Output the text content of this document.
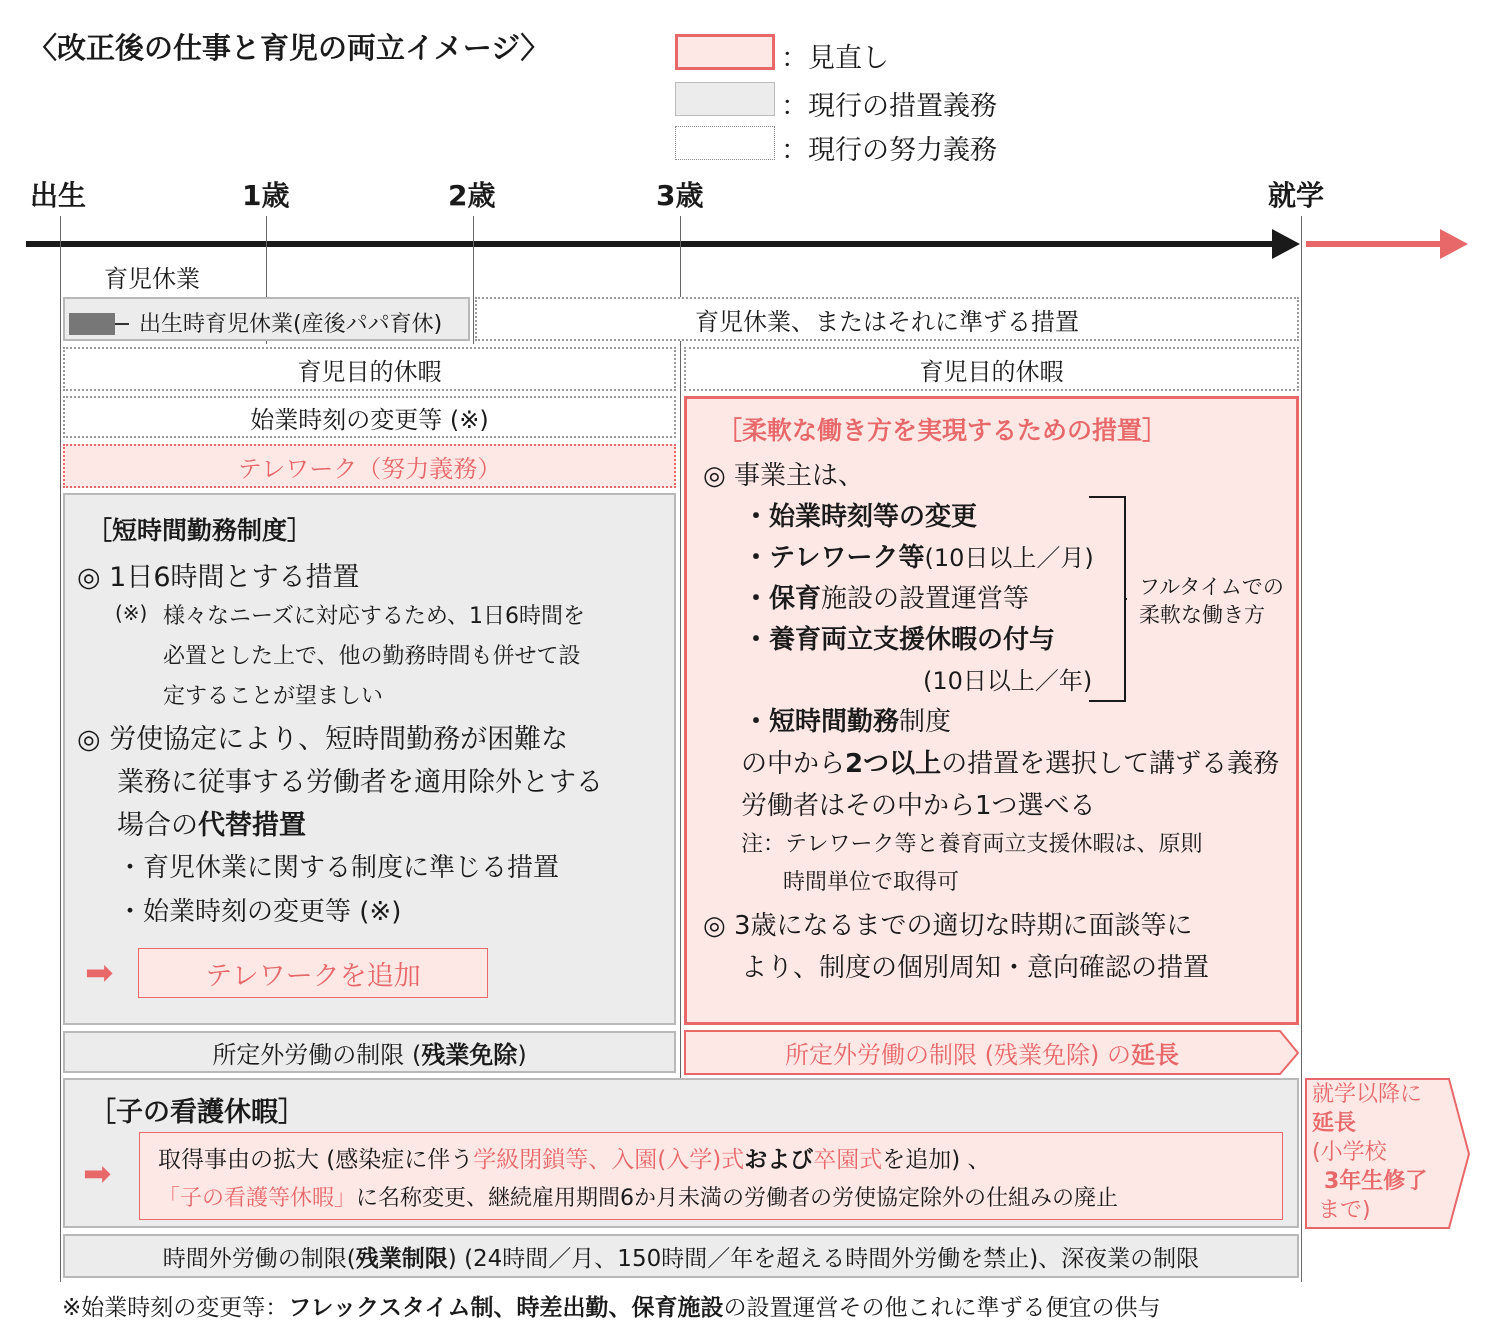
〈改正後の仕事と育児の両立イメージ〉	：見直し
：現行の措置義務
：現行の努力義務
出生	1歳	2歳	3歳	就学
育児休業
出生時育児休業(産後パパ育休)	育児休業、またはそれに準ずる措置
育児目的休暇	育児目的休暇
始業時刻の変更等 (※)
テレワーク（努力義務）
［短時間勤務制度］
◎ 1日6時間とする措置
(※) 様々なニーズに対応するため、1日6時間を
必置とした上で、他の勤務時間も併せて設
定することが望ましい
◎ 労使協定により、短時間勤務が困難な
業務に従事する労働者を適用除外とする
場合の代替措置
・育児休業に関する制度に準じる措置
・始業時刻の変更等 (※)
➡	テレワークを追加
［柔軟な働き方を実現するための措置］
◎ 事業主は、
・始業時刻等の変更
・テレワーク等(10日以上／月)
・保育施設の設置運営等
・養育両立支援休暇の付与
(10日以上／年)
フルタイムでの
柔軟な働き方
・短時間勤務制度
の中から2つ以上の措置を選択して講ずる義務
労働者はその中から1つ選べる
注：テレワーク等と養育両立支援休暇は、原則
時間単位で取得可
◎ 3歳になるまでの適切な時期に面談等に
より、制度の個別周知・意向確認の措置
所定外労働の制限 (残業免除)	所定外労働の制限 (残業免除) の延長
［子の看護休暇］
➡ 取得事由の拡大 (感染症に伴う学級閉鎖等、入園(入学)式および卒園式を追加) 、
「子の看護等休暇」に名称変更、継続雇用期間6か月未満の労働者の労使協定除外の仕組みの廃止
就学以降に
延長
(小学校
3年生修了
まで)
時間外労働の制限(残業制限) (24時間／月、150時間／年を超える時間外労働を禁止)、深夜業の制限
※始業時刻の変更等：フレックスタイム制、時差出勤、保育施設の設置運営その他これに準ずる便宜の供与
